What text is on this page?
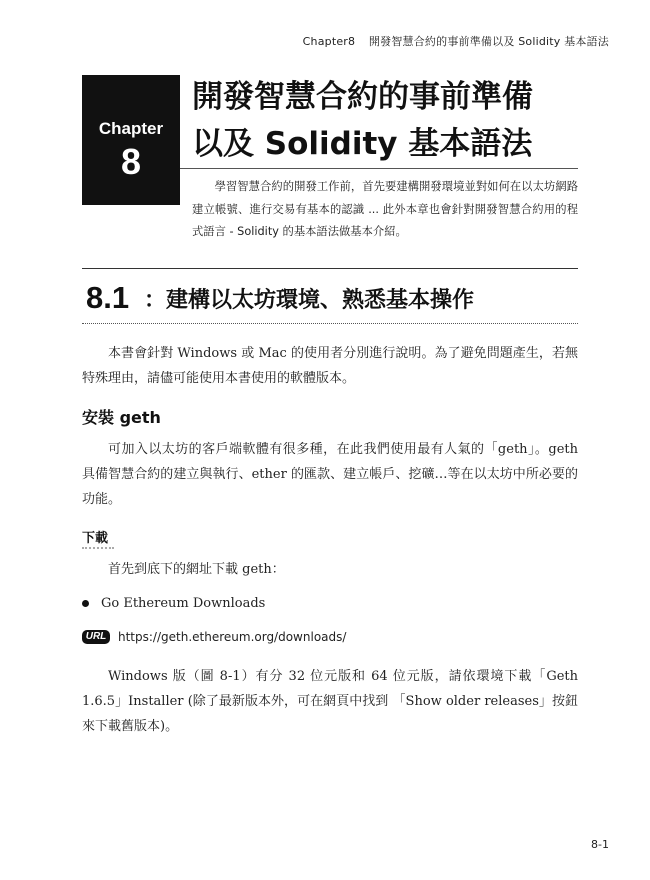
Chapter8 開發智慧合約的事前準備以及 Solidity 基本語法
Chapter
8
開發智慧合約的事前準備
以及 Solidity 基本語法

學習智慧合約的開發工作前，首先要建構開發環境並對如何在以太坊網路建立帳號、進行交易有基本的認識 ... 此外本章也會針對開發智慧合約用的程式語言 - Solidity 的基本語法做基本介紹。

8.1 ：建構以太坊環境、熟悉基本操作

本書會針對 Windows 或 Mac 的使用者分別進行說明。為了避免問題產生，若無特殊理由，請儘可能使用本書使用的軟體版本。

安裝 geth

可加入以太坊的客戶端軟體有很多種，在此我們使用最有人氣的「geth」。geth 具備智慧合約的建立與執行、ether 的匯款、建立帳戶、挖礦…等在以太坊中所必要的功能。

下載

首先到底下的網址下載 geth：

Go Ethereum Downloads
URL https://geth.ethereum.org/downloads/

Windows 版（圖 8-1）有分 32 位元版和 64 位元版，請依環境下載「Geth 1.6.5」Installer (除了最新版本外，可在網頁中找到 「Show older releases」按鈕來下載舊版本)。

8-1
